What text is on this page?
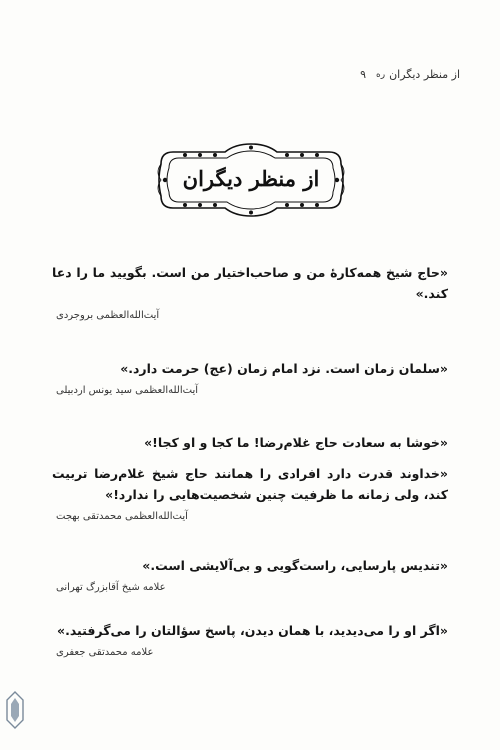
از منظر دیگران
ره
۹
از منظر دیگران

«حاج شیخ همه‌کارهٔ من و صاحب‌اختیار من است. بگویید ما را دعا کند.»

آیت‌الله‌العظمی بروجردی

«سلمان زمان است. نزد امام زمان (عج) حرمت دارد.»

آیت‌الله‌العظمی سید یونس اردبیلی

«خوشا به سعادت حاج غلام‌رضا! ما کجا و او کجا!»

«خداوند قدرت دارد افرادی را همانند حاج شیخ غلام‌رضا تربیت کند، ولی زمانه ما ظرفیت چنین شخصیت‌هایی را ندارد!»

آیت‌الله‌العظمی محمدتقی بهجت

«تندیس پارسایی، راست‌گویی و بی‌آلایشی است.»

علامه شیخ آقابزرگ تهرانی

«اگر او را می‌دیدید، با همان دیدن، پاسخ سؤالتان را می‌گرفتید.»

علامه محمدتقی جعفری
